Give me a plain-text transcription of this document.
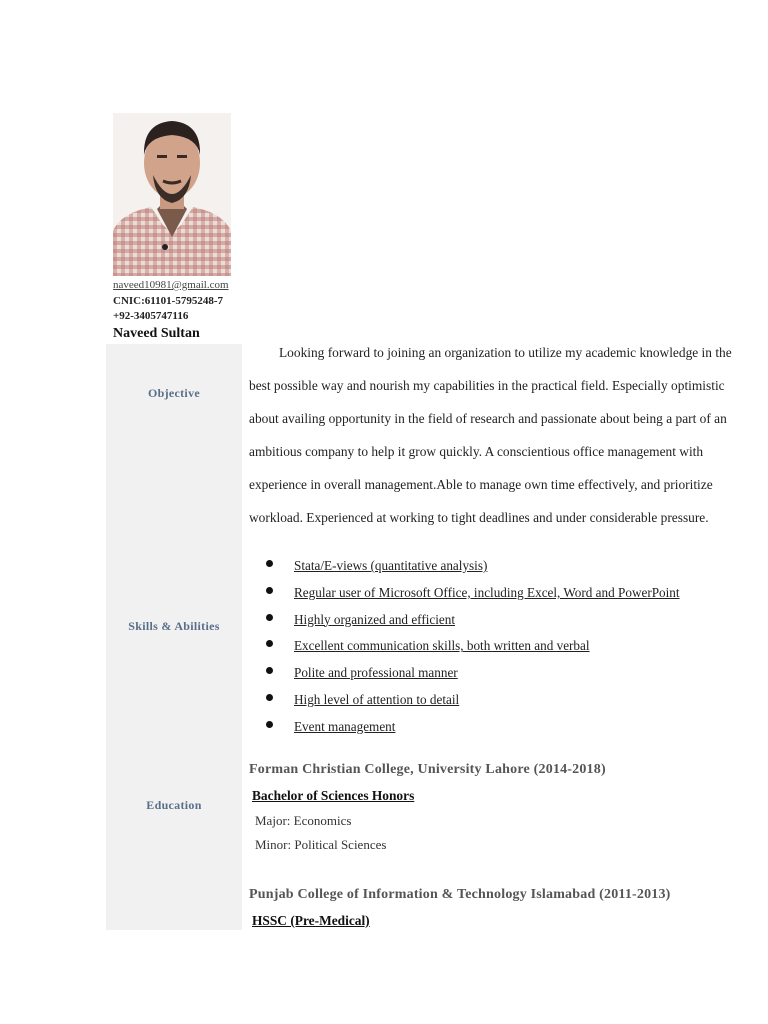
naveed10981@gmail.com
CNIC:61101-5795248-7
+92-3405747116
Naveed Sultan
Objective
Skills & Abilities
Education

Looking forward to joining an organization to utilize my academic knowledge in the best possible way and nourish my capabilities in the practical field. Especially optimistic about availing opportunity in the field of research and passionate about being a part of an ambitious company to help it grow quickly. A conscientious office management with experience in overall management.Able to manage own time effectively, and prioritize workload. Experienced at working to tight deadlines and under considerable pressure.

Stata/E-views (quantitative analysis)
Regular user of Microsoft Office, including Excel, Word and PowerPoint
Highly organized and efficient
Excellent communication skills, both written and verbal
Polite and professional manner
High level of attention to detail
Event management
Forman Christian College, University Lahore (2014-2018)
Bachelor of Sciences Honors
Major: Economics
Minor: Political Sciences
Punjab College of Information & Technology Islamabad (2011-2013)
HSSC (Pre-Medical)
